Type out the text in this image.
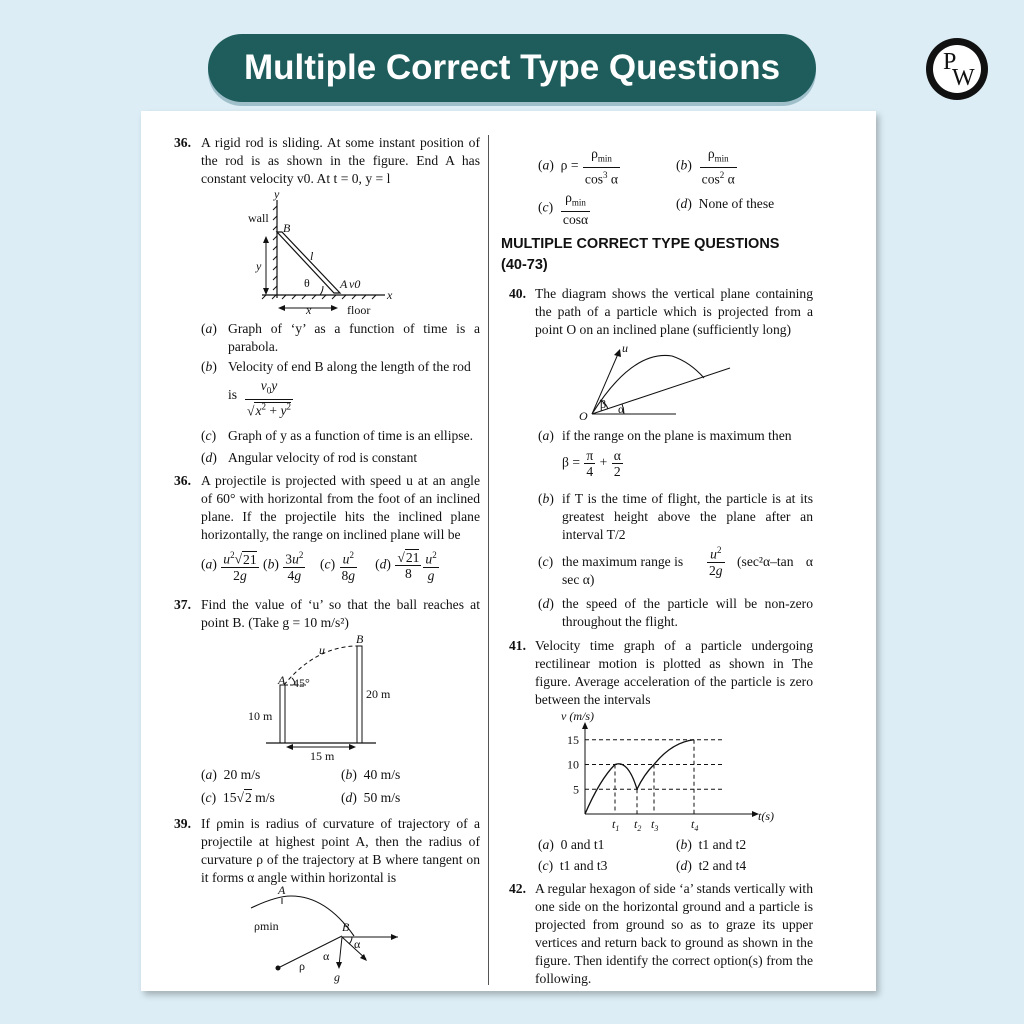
Multiple Correct Type Questions	P
W
36. A rigid rod is sliding. At some instant position of the rod is as shown in the figure. End A has constant velocity v0. At t = 0, y = l
y
wall
B
y
l
θ	A v0
x
x	floor
(a) Graph of ‘y’ as a function of time is a parabola.
(b) Velocity of end B along the length of the rod
is $\frac{v_0y}{√x^2 + y^2}$
(c) Graph of y as a function of time is an ellipse.
(d) Angular velocity of rod is constant
36. A projectile is projected with speed u at an angle of 60° with horizontal from the foot of an inclined plane. If the projectile hits the inclined plane horizontally, the range on inclined plane will be
$(a) \frac{u^2√21}{2g} (b) \frac{3u^2}{4g} (c) \frac{u^2}{8g} (d) \frac{√21}{8} \frac{u^2}{g}$
37. Find the value of ‘u’ so that the ball reaches at point B. (Take g = 10 m/s²)
B
u
A 45°
10 m
20 m
15 m
(a)  20 m/s	(b)  40 m/s
(c)  15√2 m/s	(d)  50 m/s
39. If ρmin is radius of curvature of trajectory of a projectile at highest point A, then the radius of curvature ρ of the trajectory at B where tangent on it forms α angle within horizontal is
A
B
ρmin
ρ
α
α
g
(a)  $\rho = \frac{\rho_{min}}{\cos^3 \alpha}$	$(b) \frac{\rho_{min}}{\cos^2 \alpha}$
$(c) \frac{\rho_{min}}{\cos\alpha}$	(d)  None of these
MULTIPLE CORRECT TYPE QUESTIONS
(40-73)
40. The diagram shows the vertical plane containing the path of a particle which is projected from a point O on an inclined plane (sufficiently long)
u
O
β α
(a) if the range on the plane is maximum then
$\beta = \frac{\pi}{4} + \frac{\alpha}{2}$
(b) if T is the time of flight, the particle is at its greatest height above the plane after an interval T/2
(c) the maximum range is $\frac{u^2}{2g} (\sec^2\alpha-\tan$ α sec α)
(d) the speed of the particle will be non-zero throughout the flight.
41. Velocity time graph of a particle undergoing rectilinear motion is plotted as shown in The figure. Average acceleration of the particle is zero between the intervals
v (m/s)
t(s)
5
10
15
$t_1$ $t_2$ $t_3$	$t_4$
(a)  0 and t1	(b)  t1 and t2
(c)  t1 and t3	(d)  t2 and t4
42. A regular hexagon of side ‘a’ stands vertically with one side on the horizontal ground and a particle is projected from ground so as to graze its upper vertices and return back to ground as shown in the figure. Then identify the correct option(s) from the following.
